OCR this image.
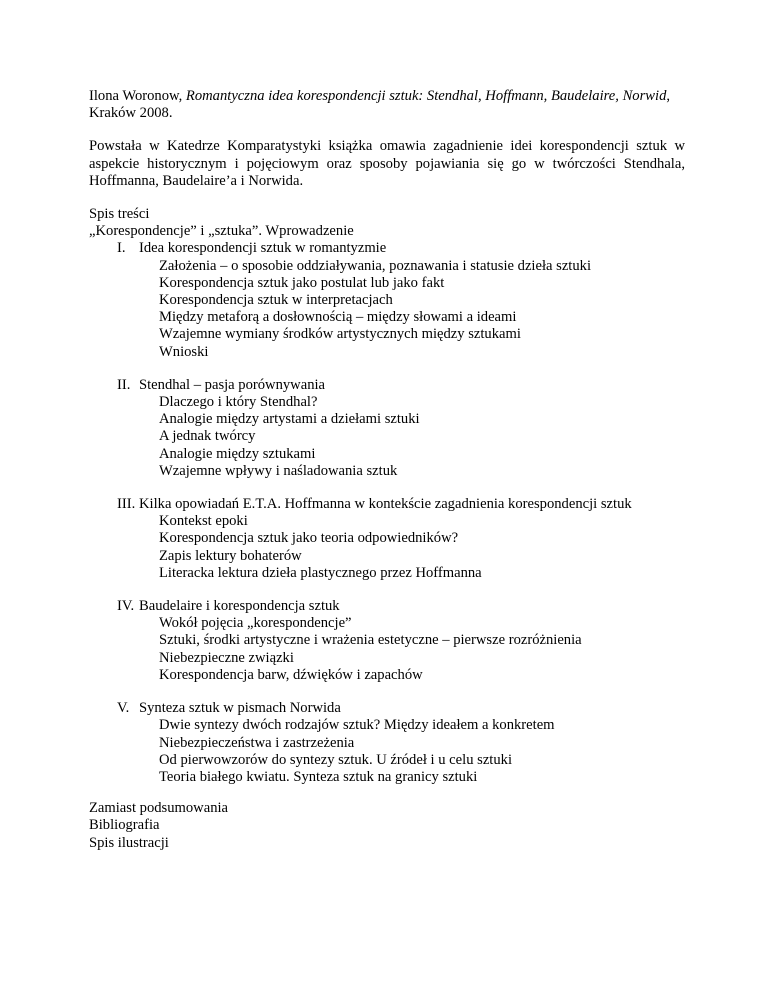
Ilona Woronow, Romantyczna idea korespondencji sztuk: Stendhal, Hoffmann, Baudelaire, Norwid, Kraków 2008.

Powstała w Katedrze Komparatystyki książka omawia zagadnienie idei korespondencji sztuk w aspekcie historycznym i pojęciowym oraz sposoby pojawiania się go w twórczości Stendhala, Hoffmanna, Baudelaire’a i Norwida.

Spis treści

„Korespondencje” i „sztuka”. Wprowadzenie

I. Idea korespondencji sztuk w romantyzmie

Założenia – o sposobie oddziaływania, poznawania i statusie dzieła sztuki

Korespondencja sztuk jako postulat lub jako fakt

Korespondencja sztuk w interpretacjach

Między metaforą a dosłownością – między słowami a ideami

Wzajemne wymiany środków artystycznych między sztukami

Wnioski

II. Stendhal – pasja porównywania

Dlaczego i który Stendhal?

Analogie między artystami a dziełami sztuki

A jednak twórcy

Analogie między sztukami

Wzajemne wpływy i naśladowania sztuk

III. Kilka opowiadań E.T.A. Hoffmanna w kontekście zagadnienia korespondencji sztuk

Kontekst epoki

Korespondencja sztuk jako teoria odpowiedników?

Zapis lektury bohaterów

Literacka lektura dzieła plastycznego przez Hoffmanna

IV. Baudelaire i korespondencja sztuk

Wokół pojęcia „korespondencje”

Sztuki, środki artystyczne i wrażenia estetyczne – pierwsze rozróżnienia

Niebezpieczne związki

Korespondencja barw, dźwięków i zapachów

V. Synteza sztuk w pismach Norwida

Dwie syntezy dwóch rodzajów sztuk? Między ideałem a konkretem

Niebezpieczeństwa i zastrzeżenia

Od pierwowzorów do syntezy sztuk. U źródeł i u celu sztuki

Teoria białego kwiatu. Synteza sztuk na granicy sztuki

Zamiast podsumowania

Bibliografia

Spis ilustracji
